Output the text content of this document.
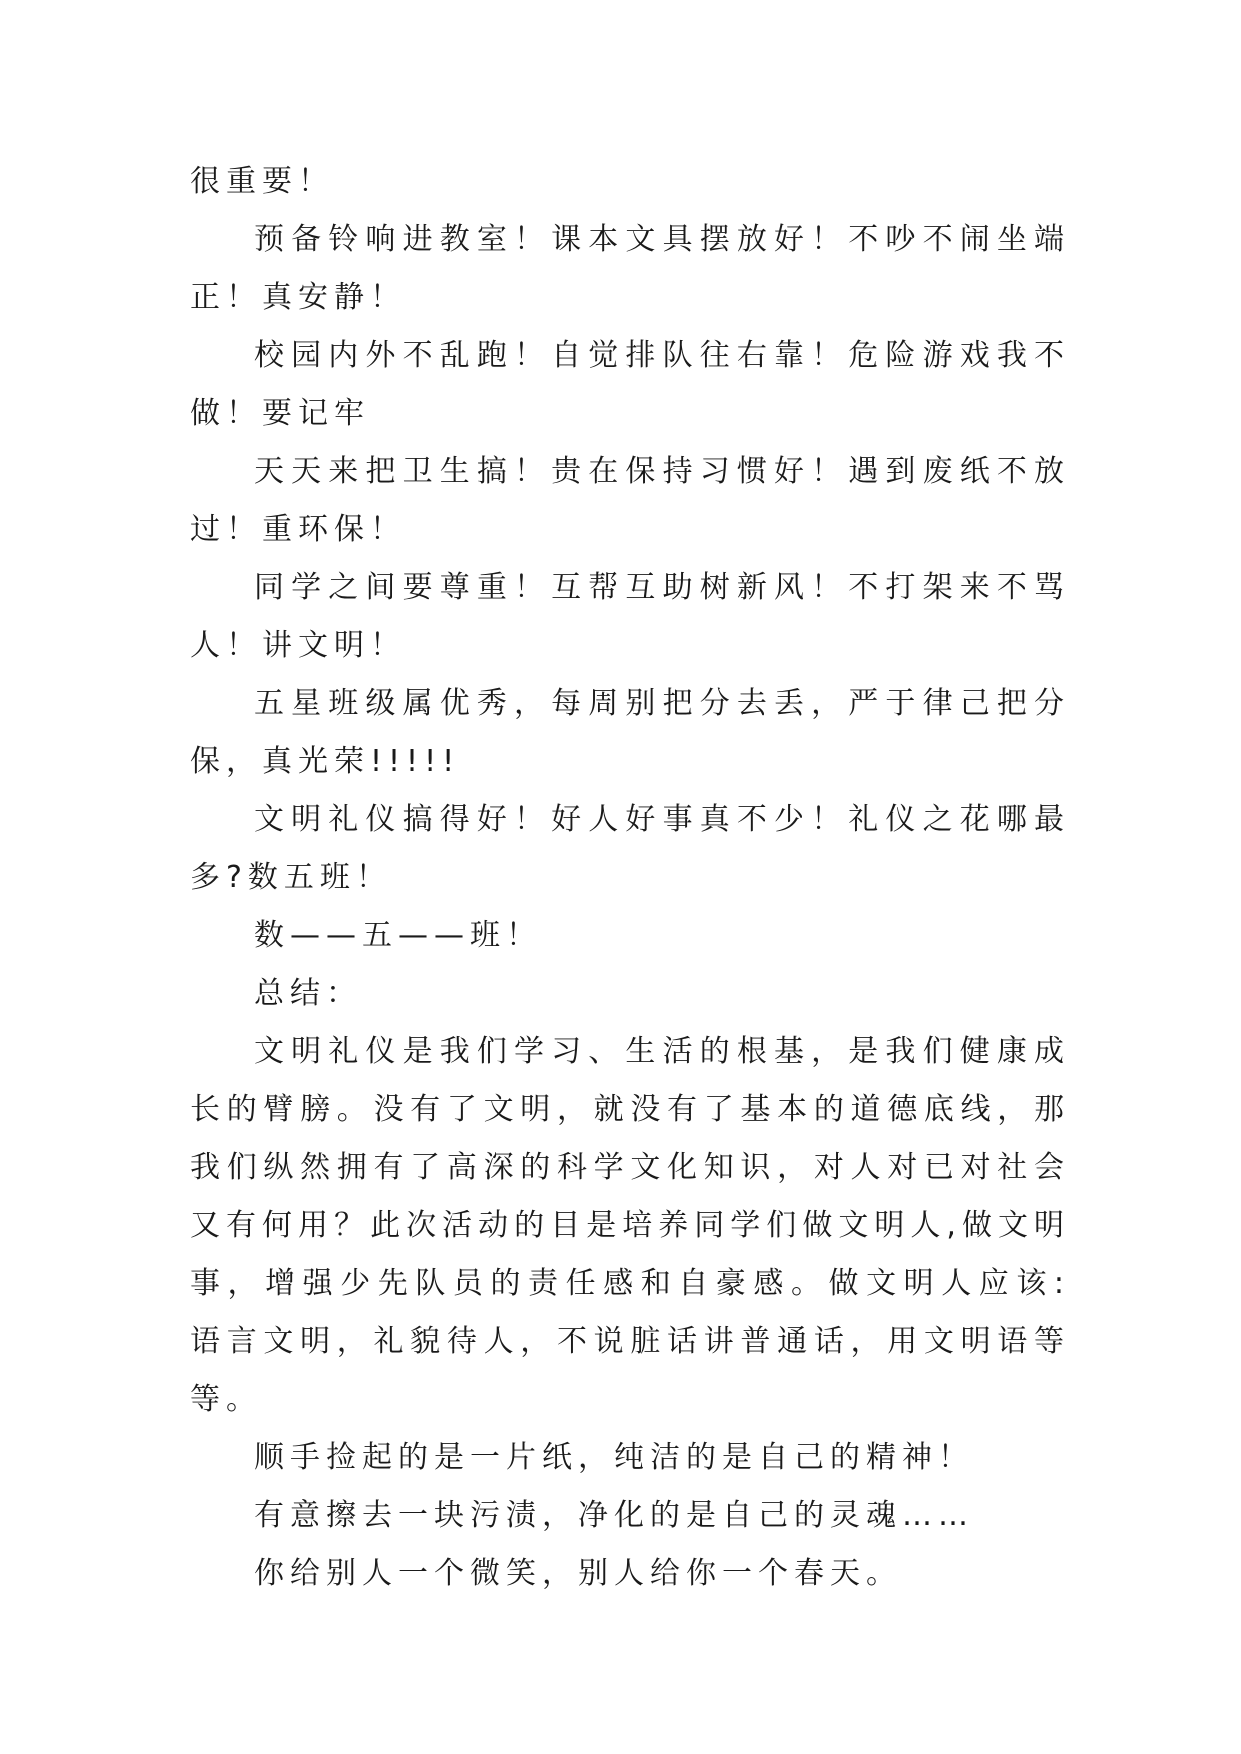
很重要！

预备铃响进教室！课本文具摆放好！不吵不闹坐端正！真安静！

校园内外不乱跑！自觉排队往右靠！危险游戏我不做！要记牢

天天来把卫生搞！贵在保持习惯好！遇到废纸不放过！重环保！

同学之间要尊重！互帮互助树新风！不打架来不骂人！讲文明！

五星班级属优秀，每周别把分去丢，严于律己把分保，真光荣!!!!!

文明礼仪搞得好！好人好事真不少！礼仪之花哪最多?数五班！

数——五——班！

总结：

文明礼仪是我们学习、生活的根基，是我们健康成长的臂膀。没有了文明，就没有了基本的道德底线，那我们纵然拥有了高深的科学文化知识，对人对已对社会又有何用？此次活动的目是培养同学们做文明人,做文明事，增强少先队员的责任感和自豪感。做文明人应该:语言文明，礼貌待人，不说脏话讲普通话，用文明语等等。

顺手捡起的是一片纸，纯洁的是自己的精神！

有意擦去一块污渍，净化的是自己的灵魂……

你给别人一个微笑，别人给你一个春天。
